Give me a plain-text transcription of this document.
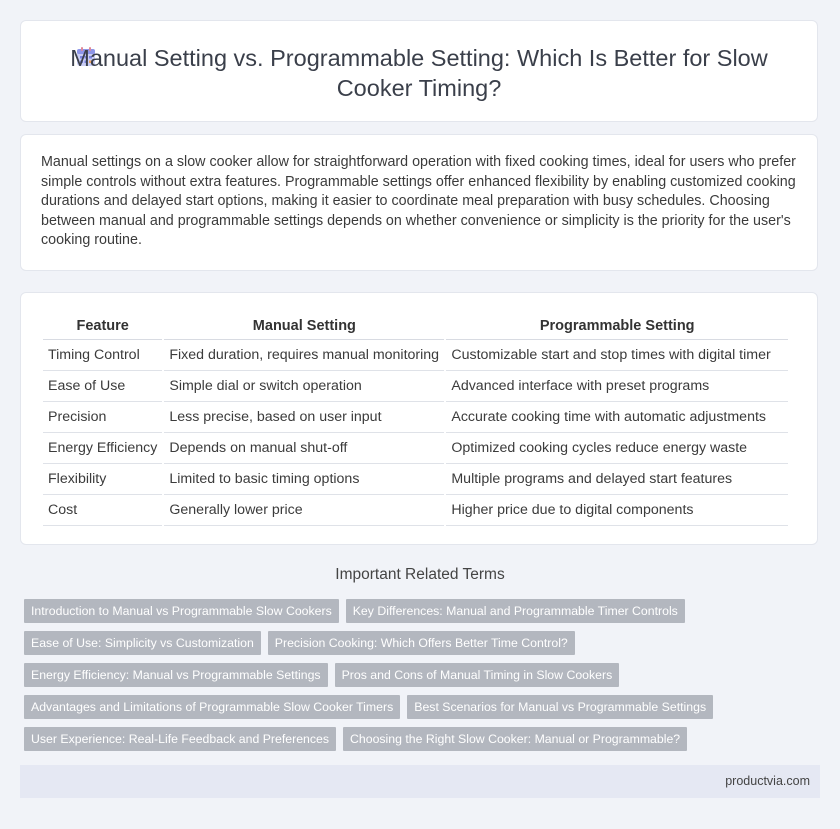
Manual Setting vs. Programmable Setting: Which Is Better for Slow Cooker Timing?

Manual settings on a slow cooker allow for straightforward operation with fixed cooking times, ideal for users who prefer simple controls without extra features. Programmable settings offer enhanced flexibility by enabling customized cooking durations and delayed start options, making it easier to coordinate meal preparation with busy schedules. Choosing between manual and programmable settings depends on whether convenience or simplicity is the priority for the user's cooking routine.

Feature	Manual Setting	Programmable Setting
Timing Control	Fixed duration, requires manual monitoring	Customizable start and stop times with digital timer
Ease of Use	Simple dial or switch operation	Advanced interface with preset programs
Precision	Less precise, based on user input	Accurate cooking time with automatic adjustments
Energy Efficiency	Depends on manual shut-off	Optimized cooking cycles reduce energy waste
Flexibility	Limited to basic timing options	Multiple programs and delayed start features
Cost	Generally lower price	Higher price due to digital components
Important Related Terms
Introduction to Manual vs Programmable Slow Cookers	Key Differences: Manual and Programmable Timer Controls
Ease of Use: Simplicity vs Customization	Precision Cooking: Which Offers Better Time Control?
Energy Efficiency: Manual vs Programmable Settings	Pros and Cons of Manual Timing in Slow Cookers
Advantages and Limitations of Programmable Slow Cooker Timers	Best Scenarios for Manual vs Programmable Settings
User Experience: Real-Life Feedback and Preferences	Choosing the Right Slow Cooker: Manual or Programmable?
productvia.com
